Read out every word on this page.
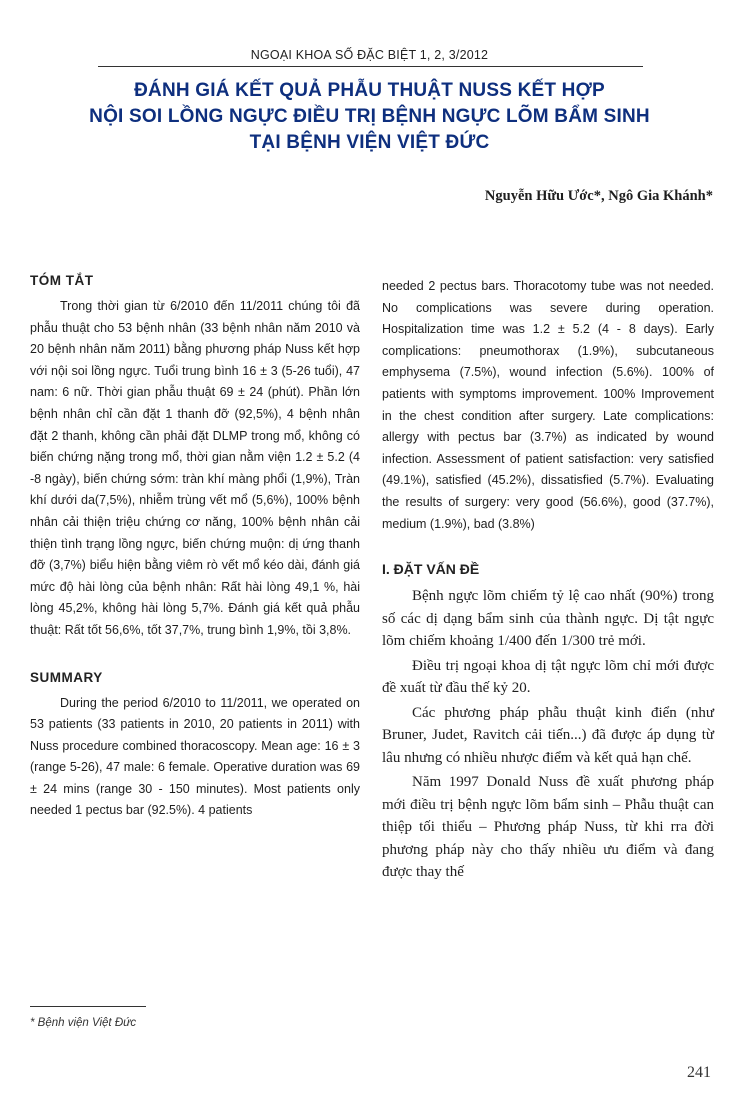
NGOẠI KHOA SỐ ĐẶC BIỆT 1, 2, 3/2012
ĐÁNH GIÁ KẾT QUẢ PHẪU THUẬT NUSS KẾT HỢP
NỘI SOI LỒNG NGỰC ĐIỀU TRỊ BỆNH NGỰC LÕM BẨM SINH
TẠI BỆNH VIỆN VIỆT ĐỨC
Nguyễn Hữu Ước*, Ngô Gia Khánh*
TÓM TẮT

Trong thời gian từ 6/2010 đến 11/2011 chúng tôi đã phẫu thuật cho 53 bệnh nhân (33 bệnh nhân năm 2010 và 20 bệnh nhân năm 2011) bằng phương pháp Nuss kết hợp với nội soi lồng ngực. Tuổi trung bình 16 ± 3 (5-26 tuổi), 47 nam: 6 nữ. Thời gian phẫu thuật 69 ± 24 (phút). Phần lớn bệnh nhân chỉ cần đặt 1 thanh đỡ (92,5%), 4 bệnh nhân đặt 2 thanh, không cần phải đặt DLMP trong mổ, không có biến chứng nặng trong mổ, thời gian nằm viện 1.2 ± 5.2 (4 -8 ngày), biến chứng sớm: tràn khí màng phổi (1,9%), Tràn khí dưới da(7,5%), nhiễm trùng vết mổ (5,6%), 100% bệnh nhân cải thiện triệu chứng cơ năng, 100% bệnh nhân cải thiện tình trạng lồng ngực, biến chứng muộn: dị ứng thanh đỡ (3,7%) biểu hiện bằng viêm rò vết mổ kéo dài, đánh giá mức độ hài lòng của bệnh nhân: Rất hài lòng 49,1 %, hài lòng 45,2%, không hài lòng 5,7%. Đánh giá kết quả phẫu thuật: Rất tốt 56,6%, tốt 37,7%, trung bình 1,9%, tồi 3,8%.

SUMMARY

During the period 6/2010 to 11/2011, we operated on 53 patients (33 patients in 2010, 20 patients in 2011) with Nuss procedure combined thoracoscopy. Mean age: 16 ± 3 (range 5-26), 47 male: 6 female. Operative duration was 69 ± 24 mins (range 30 - 150 minutes). Most patients only needed 1 pectus bar (92.5%). 4 patients

needed 2 pectus bars. Thoracotomy tube was not needed. No complications was severe during operation. Hospitalization time was 1.2 ± 5.2 (4 - 8 days). Early complications: pneumothorax (1.9%), subcutaneous emphysema (7.5%), wound infection (5.6%). 100% of patients with symptoms improvement. 100% Improvement in the chest condition after surgery. Late complications: allergy with pectus bar (3.7%) as indicated by wound infection. Assessment of patient satisfaction: very satisfied (49.1%), satisfied (45.2%), dissatisfied (5.7%). Evaluating the results of surgery: very good (56.6%), good (37.7%), medium (1.9%), bad (3.8%)

I. ĐẶT VẤN ĐỀ

Bệnh ngực lõm chiếm tỷ lệ cao nhất (90%) trong số các dị dạng bẩm sinh của thành ngực. Dị tật ngực lõm chiếm khoảng 1/400 đến 1/300 trẻ mới.

Điều trị ngoại khoa dị tật ngực lõm chỉ mới được đề xuất từ đầu thế kỷ 20.

Các phương pháp phẫu thuật kinh điển (như Bruner, Judet, Ravitch cải tiến...) đã được áp dụng từ lâu nhưng có nhiều nhược điểm và kết quả hạn chế.

Năm 1997 Donald Nuss đề xuất phương pháp mới điều trị bệnh ngực lõm bẩm sinh – Phẫu thuật can thiệp tối thiểu – Phương pháp Nuss, từ khi rra đời phương pháp này cho thấy nhiều ưu điểm và đang được thay thế

* Bệnh viện Việt Đức
241
